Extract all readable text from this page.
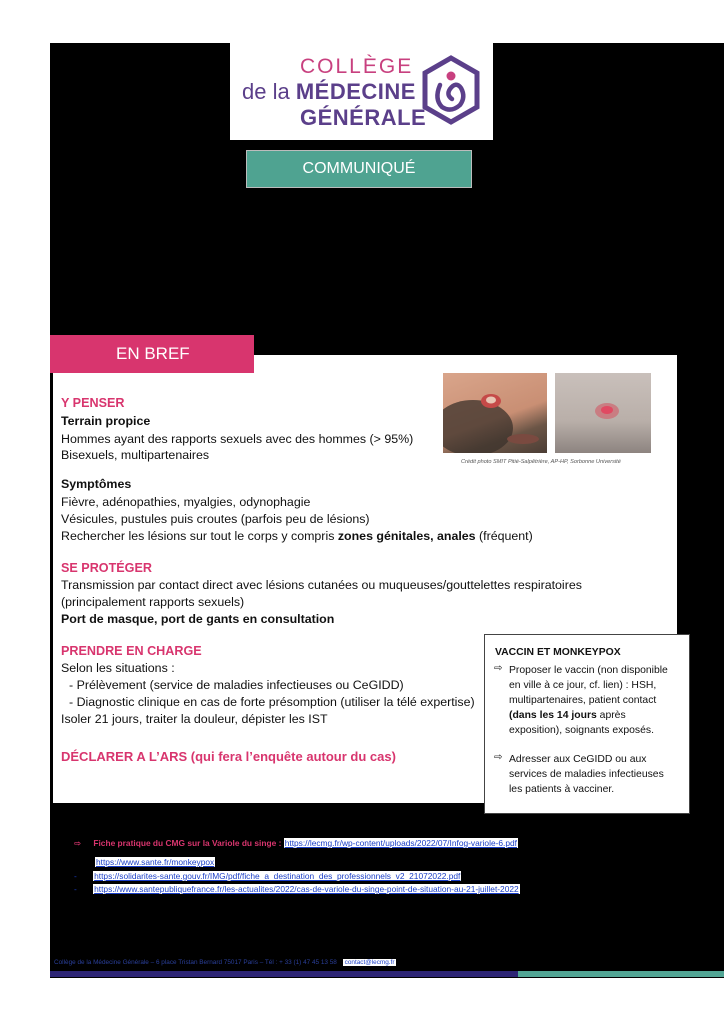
COLLÈGE
de la MÉDECINE
GÉNÉRALE
COMMUNIQUÉ
Crédit photo SMIT Pitié-Salpêtrière, AP-HP, Sorbonne Université
Y PENSER
Terrain propice
Hommes ayant des rapports sexuels avec des hommes (> 95%)
Bisexuels, multipartenaires
Symptômes
Fièvre, adénopathies, myalgies, odynophagie
Vésicules, pustules puis croutes (parfois peu de lésions)
Rechercher les lésions sur tout le corps y compris zones génitales, anales (fréquent)
SE PROTÉGER
Transmission par contact direct avec lésions cutanées ou muqueuses/gouttelettes respiratoires
(principalement rapports sexuels)
Port de masque, port de gants en consultation
PRENDRE EN CHARGE
Selon les situations :
- Prélèvement (service de maladies infectieuses ou CeGIDD)
- Diagnostic clinique en cas de forte présomption (utiliser la télé expertise)
Isoler 21 jours, traiter la douleur, dépister les IST
DÉCLARER A L’ARS (qui fera l’enquête autour du cas)
EN BREF
VACCIN ET MONKEYPOX
⇨ Proposer le vaccin (non disponible
en ville à ce jour, cf. lien) : HSH,
multipartenaires, patient contact
(dans les 14 jours après
exposition), soignants exposés.
⇨ Adresser aux CeGIDD ou aux
services de maladies infectieuses
les patients à vacciner.
⇨ Fiche pratique du CMG sur la Variole du singe : https://lecmg.fr/wp-content/uploads/2022/07/Infog-variole-6.pdf
https://www.sante.fr/monkeypox
- https://solidarites-sante.gouv.fr/IMG/pdf/fiche_a_destination_des_professionnels_v2_21072022.pdf
- https://www.santepubliquefrance.fr/les-actualites/2022/cas-de-variole-du-singe-point-de-situation-au-21-juillet-2022
Collège de la Médecine Générale – 6 place Tristan Bernard 75017 Paris – Tél : + 33 (1) 47 45 13 58 contact@lecmg.fr
